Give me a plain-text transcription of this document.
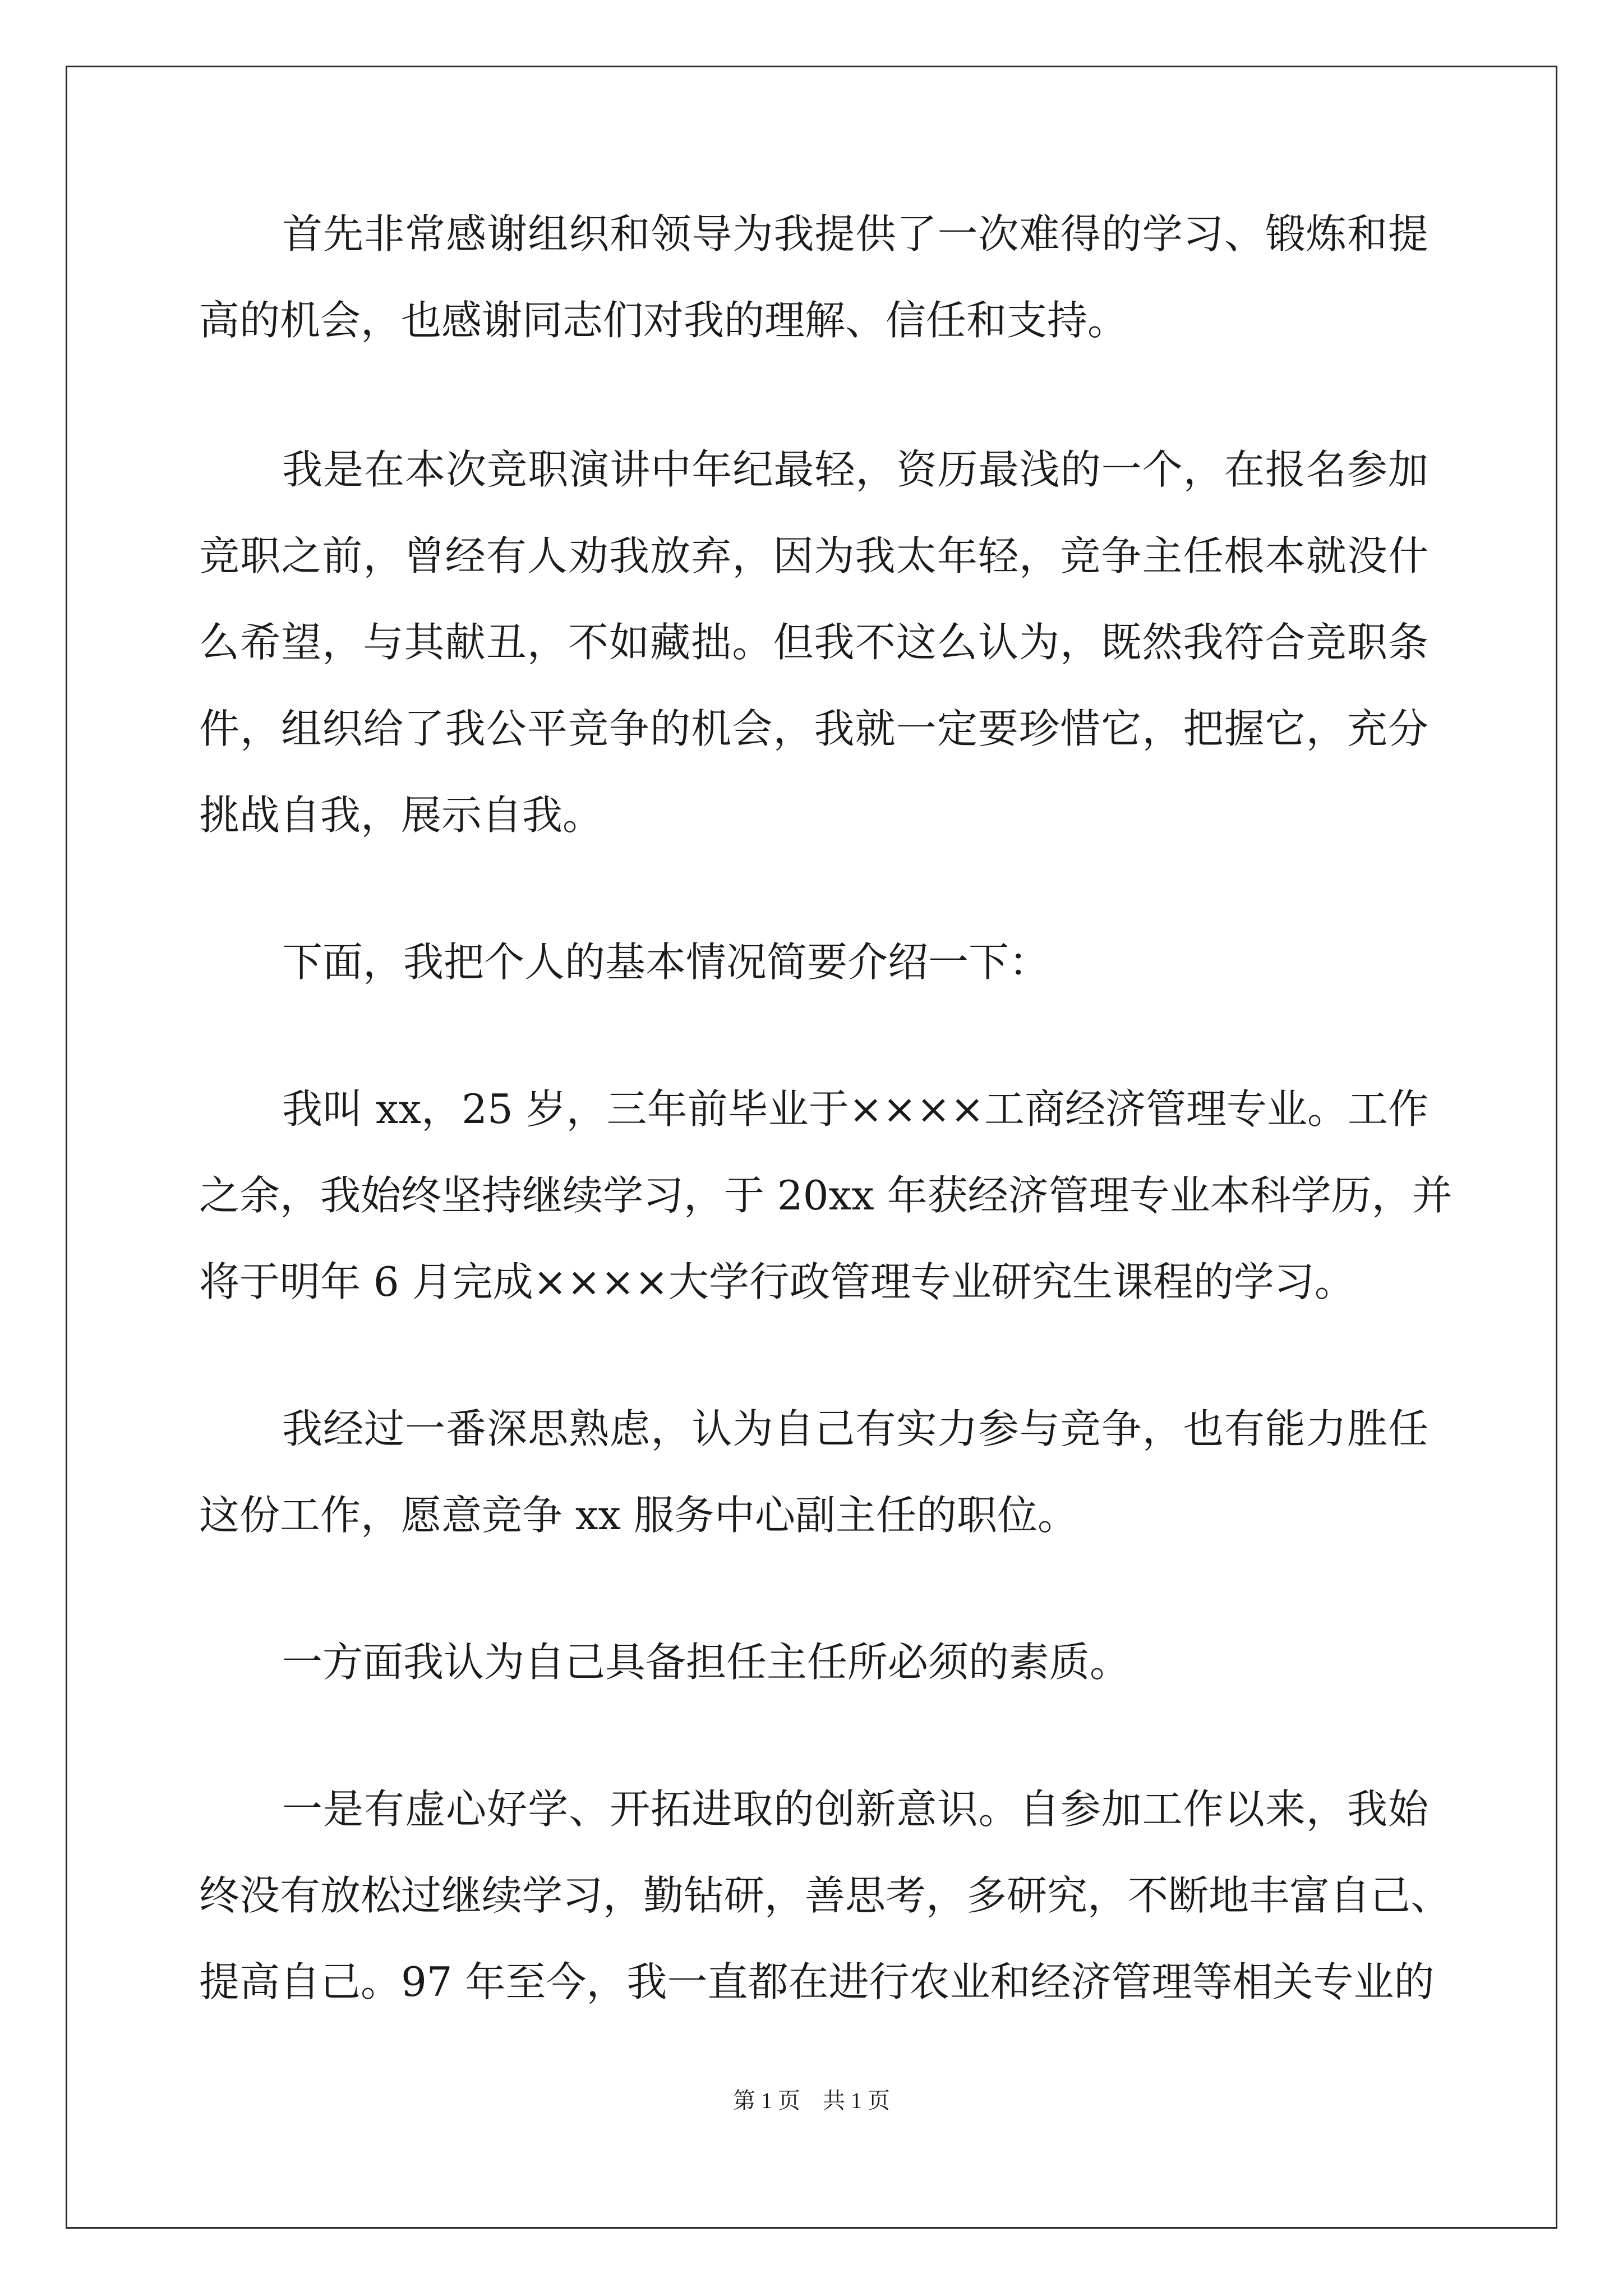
首先非常感谢组织和领导为我提供了一次难得的学习、锻炼和提
高的机会，也感谢同志们对我的理解、信任和支持。
我是在本次竞职演讲中年纪最轻，资历最浅的一个，在报名参加
竞职之前，曾经有人劝我放弃，因为我太年轻，竞争主任根本就没什
么希望，与其献丑，不如藏拙。但我不这么认为，既然我符合竞职条
件，组织给了我公平竞争的机会，我就一定要珍惜它，把握它，充分
挑战自我，展示自我。
下面，我把个人的基本情况简要介绍一下：
我叫 xx，25 岁，三年前毕业于××××工商经济管理专业。工作
之余，我始终坚持继续学习，于 20xx 年获经济管理专业本科学历，并
将于明年 6 月完成××××大学行政管理专业研究生课程的学习。
我经过一番深思熟虑，认为自己有实力参与竞争，也有能力胜任
这份工作，愿意竞争 xx 服务中心副主任的职位。
一方面我认为自己具备担任主任所必须的素质。
一是有虚心好学、开拓进取的创新意识。自参加工作以来，我始
终没有放松过继续学习，勤钻研，善思考，多研究，不断地丰富自己、
提高自己。97 年至今，我一直都在进行农业和经济管理等相关专业的
第 1 页　共 1 页
